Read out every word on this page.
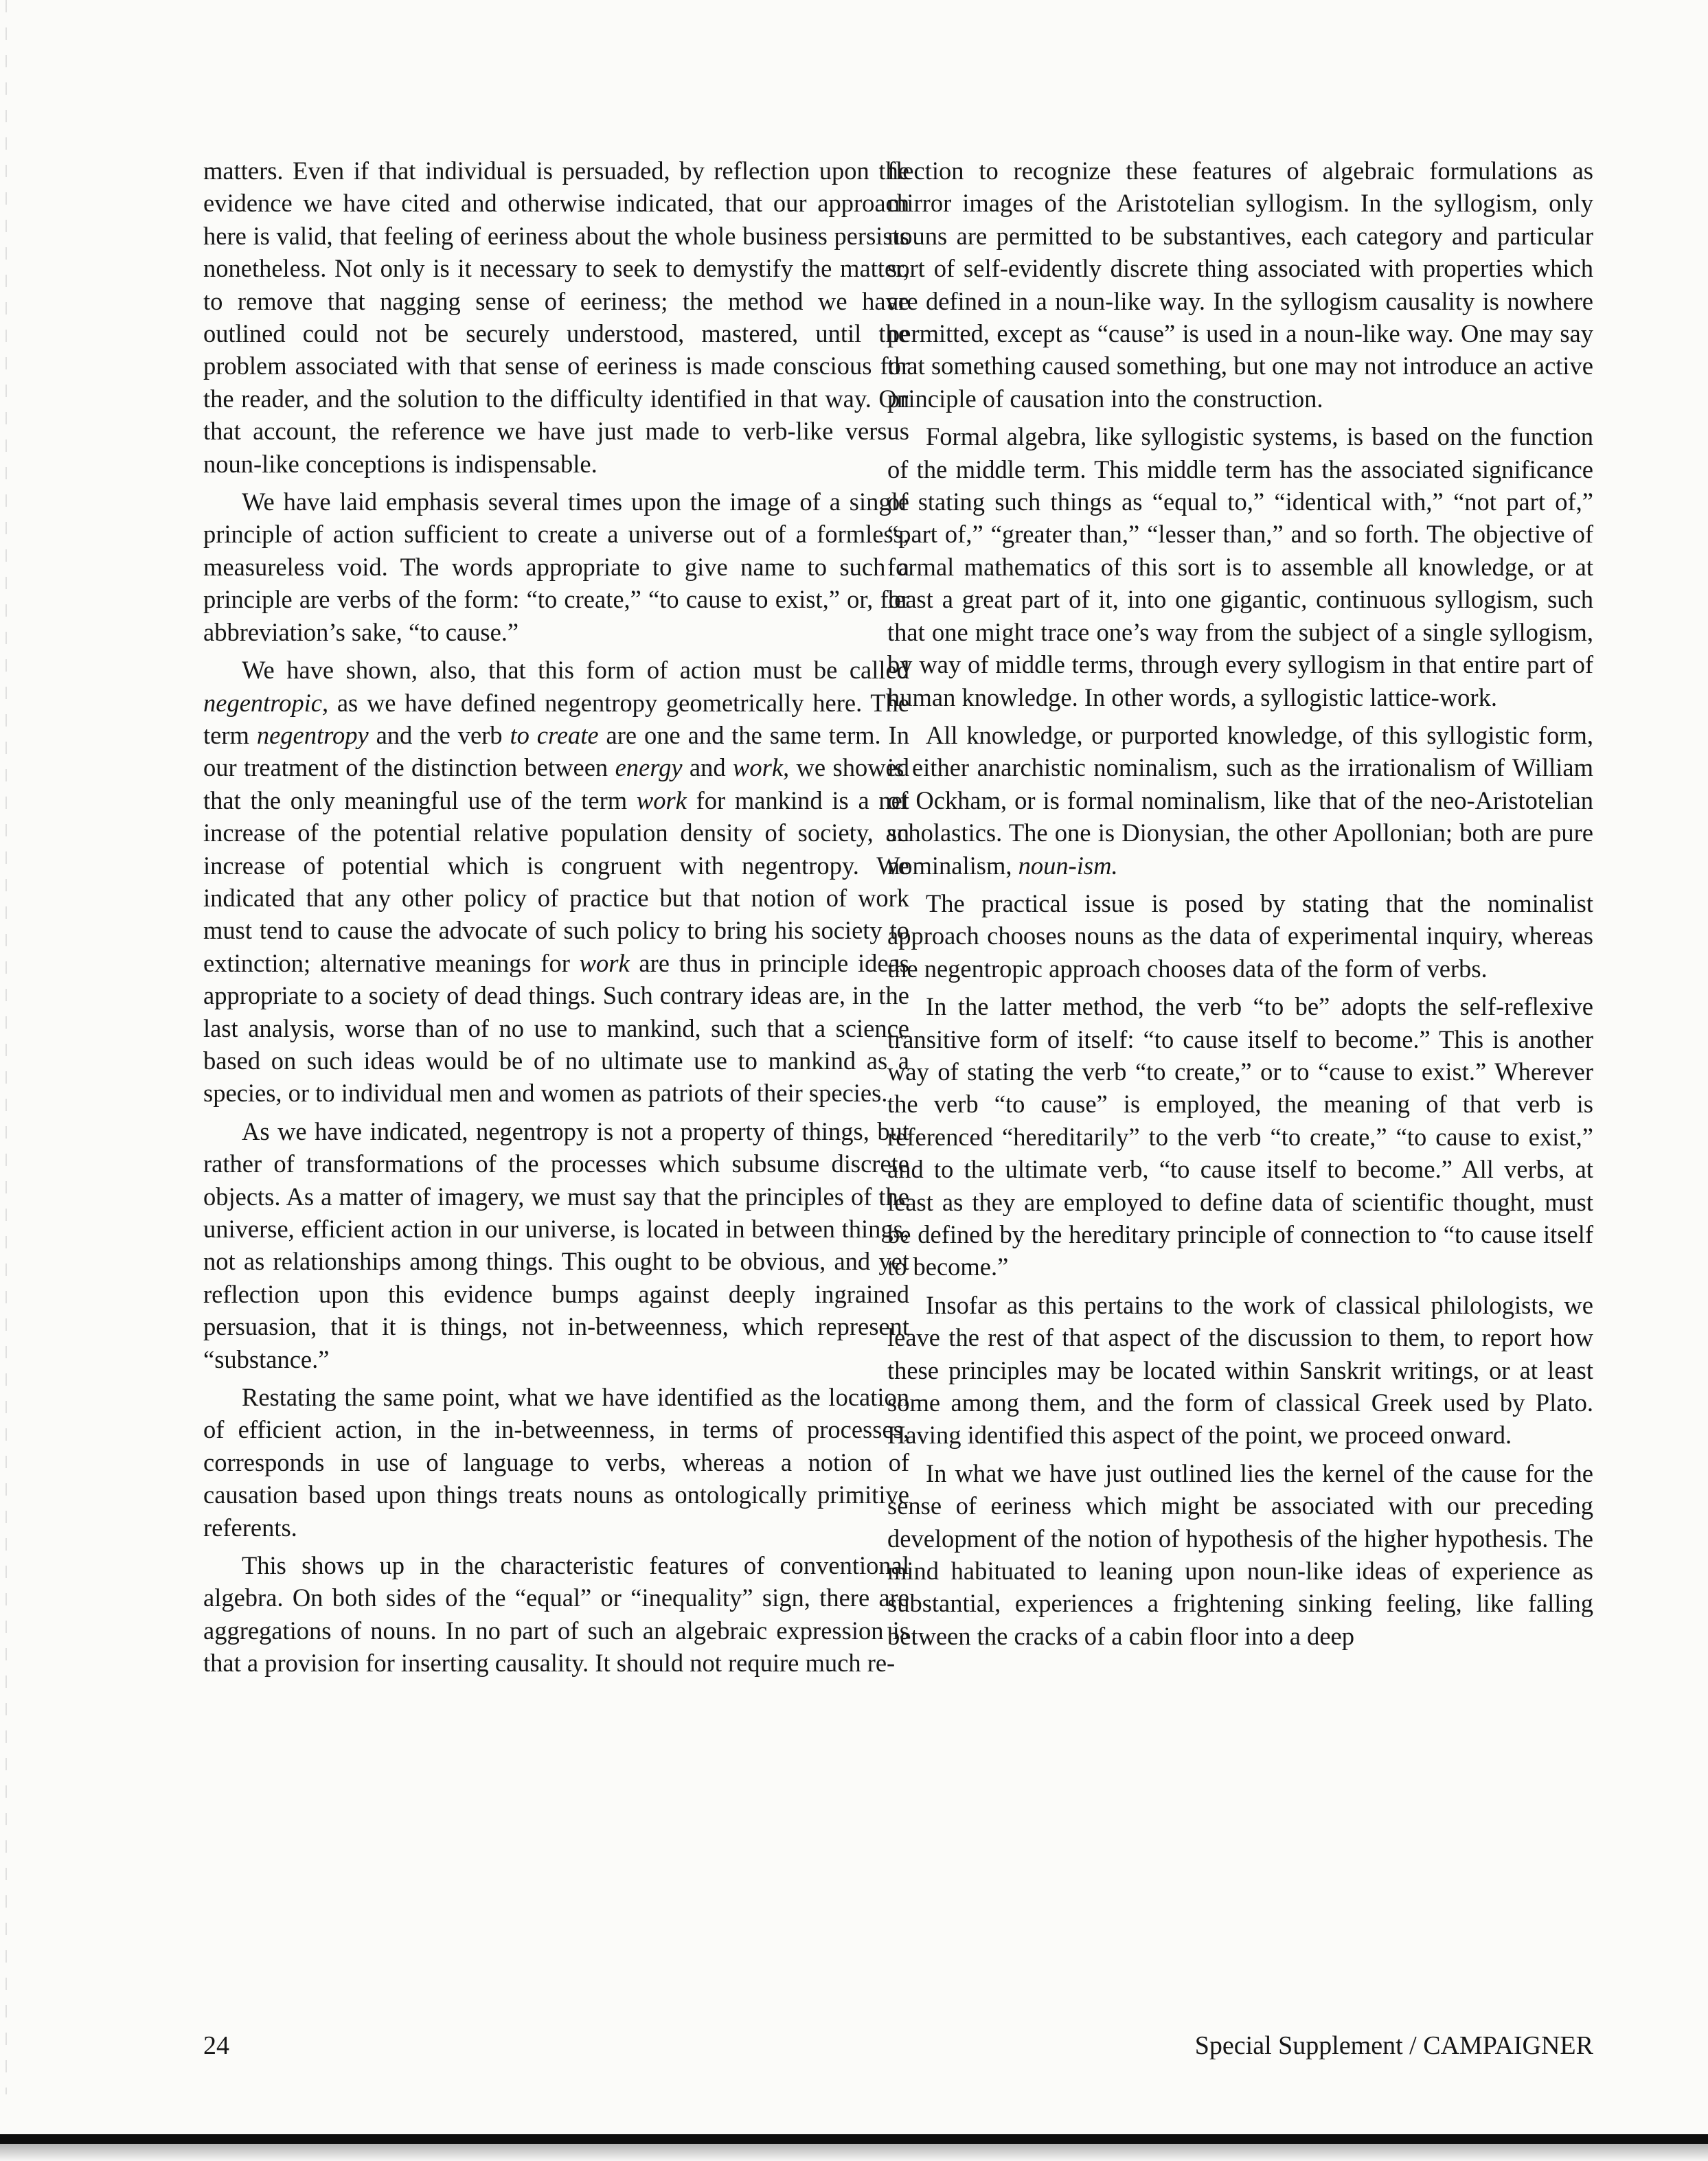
matters. Even if that individual is persuaded, by reflection upon the evidence we have cited and otherwise indicated, that our approach here is valid, that feeling of eeriness about the whole business persists nonetheless. Not only is it necessary to seek to demystify the matter, to remove that nagging sense of eeriness; the method we have outlined could not be securely understood, mastered, until the problem associated with that sense of eeriness is made conscious for the reader, and the solution to the difficulty identified in that way. On that account, the reference we have just made to verb-like versus noun-like conceptions is indispensable.

We have laid emphasis several times upon the image of a single principle of action sufficient to create a universe out of a formless, measureless void. The words appropriate to give name to such a principle are verbs of the form: “to create,” “to cause to exist,” or, for abbreviation’s sake, “to cause.”

We have shown, also, that this form of action must be called negentropic, as we have defined negentropy geometrically here. The term negentropy and the verb to create are one and the same term. In our treatment of the distinction between energy and work, we showed that the only meaningful use of the term work for mankind is a net increase of the potential relative population density of society, an increase of potential which is congruent with negentropy. We indicated that any other policy of practice but that notion of work must tend to cause the advocate of such policy to bring his society to extinction; alternative meanings for work are thus in principle ideas appropriate to a society of dead things. Such contrary ideas are, in the last analysis, worse than of no use to mankind, such that a science based on such ideas would be of no ultimate use to mankind as a species, or to individual men and women as patriots of their species.

As we have indicated, negentropy is not a property of things, but rather of transformations of the processes which subsume discrete objects. As a matter of imagery, we must say that the principles of the universe, efficient action in our universe, is located in between things, not as relationships among things. This ought to be obvious, and yet reflection upon this evidence bumps against deeply ingrained persuasion, that it is things, not in-betweenness, which represent “substance.”

Restating the same point, what we have identified as the location of efficient action, in the in-betweenness, in terms of processes, corresponds in use of language to verbs, whereas a notion of causation based upon things treats nouns as ontologically primitive referents.

This shows up in the characteristic features of conventional algebra. On both sides of the “equal” or “inequality” sign, there are aggregations of nouns. In no part of such an algebraic expression is that a provision for inserting causality. It should not require much re-

flection to recognize these features of algebraic formulations as mirror images of the Aristotelian syllogism. In the syllogism, only nouns are permitted to be substantives, each category and particular sort of self-evidently discrete thing associated with properties which are defined in a noun-like way. In the syllogism causality is nowhere permitted, except as “cause” is used in a noun-like way. One may say that something caused something, but one may not introduce an active principle of causation into the construction.

Formal algebra, like syllogistic systems, is based on the function of the middle term. This middle term has the associated significance of stating such things as “equal to,” “identical with,” “not part of,” “part of,” “greater than,” “lesser than,” and so forth. The objective of formal mathematics of this sort is to assemble all knowledge, or at least a great part of it, into one gigantic, continuous syllogism, such that one might trace one’s way from the subject of a single syllogism, by way of middle terms, through every syllogism in that entire part of human knowledge. In other words, a syllogistic lattice-work.

All knowledge, or purported knowledge, of this syllogistic form, is either anarchistic nominalism, such as the irrationalism of William of Ockham, or is formal nominalism, like that of the neo-Aristotelian scholastics. The one is Dionysian, the other Apollonian; both are pure nominalism, noun-ism.

The practical issue is posed by stating that the nominalist approach chooses nouns as the data of experimental inquiry, whereas the negentropic approach chooses data of the form of verbs.

In the latter method, the verb “to be” adopts the self-reflexive transitive form of itself: “to cause itself to become.” This is another way of stating the verb “to create,” or to “cause to exist.” Wherever the verb “to cause” is employed, the meaning of that verb is referenced “hereditarily” to the verb “to create,” “to cause to exist,” and to the ultimate verb, “to cause itself to become.” All verbs, at least as they are employed to define data of scientific thought, must be defined by the hereditary principle of connection to “to cause itself to become.”

Insofar as this pertains to the work of classical philologists, we leave the rest of that aspect of the discussion to them, to report how these principles may be located within Sanskrit writings, or at least some among them, and the form of classical Greek used by Plato. Having identified this aspect of the point, we proceed onward.

In what we have just outlined lies the kernel of the cause for the sense of eeriness which might be associated with our preceding development of the notion of hypothesis of the higher hypothesis. The mind habituated to leaning upon noun-like ideas of experience as substantial, experiences a frightening sinking feeling, like falling between the cracks of a cabin floor into a deep

24	Special Supplement / CAMPAIGNER
